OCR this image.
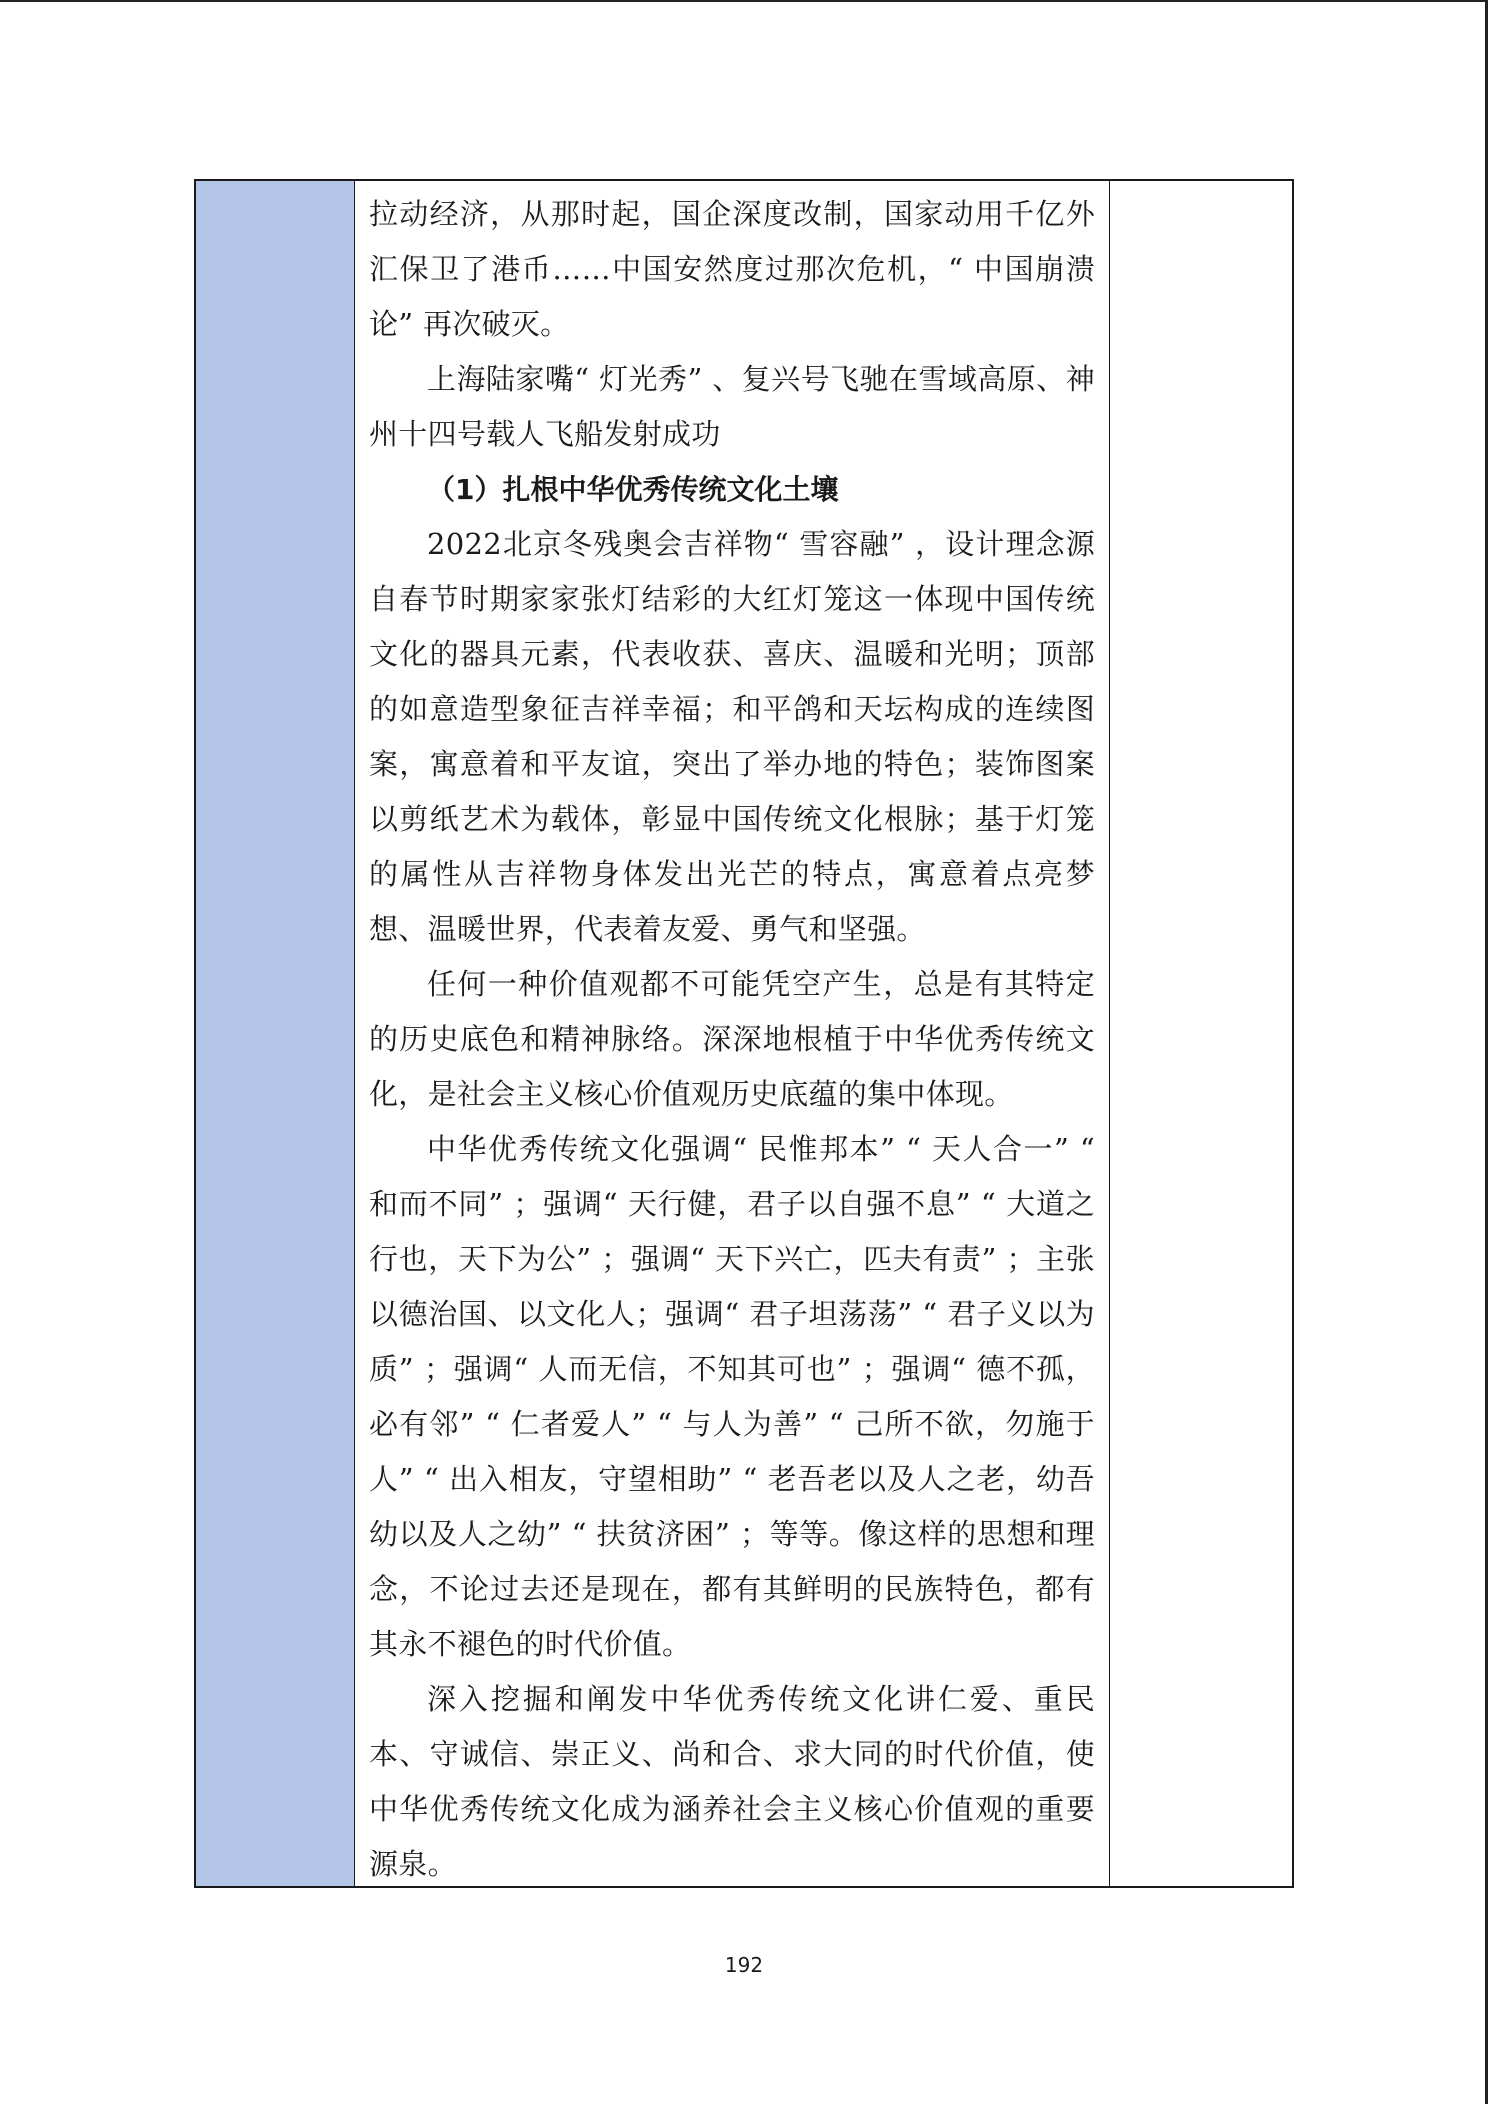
拉动经济，从那时起，国企深度改制，国家动用千亿外汇保卫了港币……中国安然度过那次危机，“ 中国崩溃论” 再次破灭。

上海陆家嘴“ 灯光秀” 、复兴号飞驰在雪域高原、神州十四号载人飞船发射成功

（1）扎根中华优秀传统文化土壤

2022北京冬残奥会吉祥物“ 雪容融” ，设计理念源自春节时期家家张灯结彩的大红灯笼这一体现中国传统文化的器具元素，代表收获、喜庆、温暖和光明；顶部的如意造型象征吉祥幸福；和平鸽和天坛构成的连续图案，寓意着和平友谊，突出了举办地的特色；装饰图案以剪纸艺术为载体，彰显中国传统文化根脉；基于灯笼的属性从吉祥物身体发出光芒的特点，寓意着点亮梦想、温暖世界，代表着友爱、勇气和坚强。

任何一种价值观都不可能凭空产生，总是有其特定的历史底色和精神脉络。深深地根植于中华优秀传统文化，是社会主义核心价值观历史底蕴的集中体现。

中华优秀传统文化强调“ 民惟邦本” “ 天人合一” “ 和而不同” ；强调“ 天行健，君子以自强不息” “ 大道之行也，天下为公” ；强调“ 天下兴亡，匹夫有责” ；主张以德治国、以文化人；强调“ 君子坦荡荡” “ 君子义以为质” ；强调“ 人而无信，不知其可也” ；强调“ 德不孤，必有邻” “ 仁者爱人” “ 与人为善” “ 己所不欲，勿施于人” “ 出入相友，守望相助” “ 老吾老以及人之老，幼吾幼以及人之幼” “ 扶贫济困” ；等等。像这样的思想和理念，不论过去还是现在，都有其鲜明的民族特色，都有其永不褪色的时代价值。

深入挖掘和阐发中华优秀传统文化讲仁爱、重民本、守诚信、崇正义、尚和合、求大同的时代价值，使中华优秀传统文化成为涵养社会主义核心价值观的重要源泉。

192
